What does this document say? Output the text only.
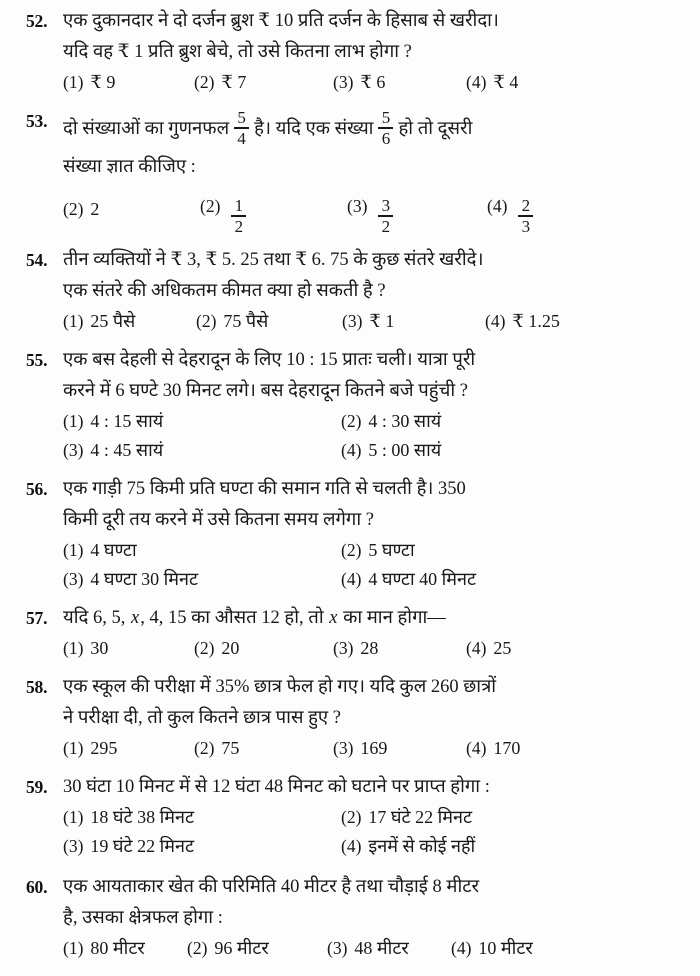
52. एक दुकानदार ने दो दर्जन ब्रुश ₹ 10 प्रति दर्जन के हिसाब से खरीदा।
यदि वह ₹ 1 प्रति ब्रुश बेचे, तो उसे कितना लाभ होगा ?
(1) ₹ 9	(2) ₹ 7	(3) ₹ 6	(4) ₹ 4
53. दो संख्याओं का गुणनफल $\frac{5}{4}$ है। यदि एक संख्या $\frac{5}{6}$ हो तो दूसरी
संख्या ज्ञात कीजिए :
(2) 2	$(2) \frac{1}{2}$	$(3) \frac{3}{2}$	$(4) \frac{2}{3}$
54. तीन व्यक्तियों ने ₹ 3, ₹ 5. 25 तथा ₹ 6. 75 के कुछ संतरे खरीदे।
एक संतरे की अधिकतम कीमत क्या हो सकती है ?
(1) 25 पैसे	(2) 75 पैसे	(3) ₹ 1	(4) ₹ 1.25
55. एक बस देहली से देहरादून के लिए 10 : 15 प्रातः चली। यात्रा पूरी
करने में 6 घण्टे 30 मिनट लगे। बस देहरादून कितने बजे पहुंची ?
(1) 4 : 15 सायं	(2) 4 : 30 सायं
(3) 4 : 45 सायं	(4) 5 : 00 सायं
56. एक गाड़ी 75 किमी प्रति घण्टा की समान गति से चलती है। 350
किमी दूरी तय करने में उसे कितना समय लगेगा ?
(1) 4 घण्टा	(2) 5 घण्टा
(3) 4 घण्टा 30 मिनट	(4) 4 घण्टा 40 मिनट
57. यदि 6, 5, x, 4, 15 का औसत 12 हो, तो x का मान होगा—
(1) 30	(2) 20	(3) 28	(4) 25
58. एक स्कूल की परीक्षा में 35% छात्र फेल हो गए। यदि कुल 260 छात्रों
ने परीक्षा दी, तो कुल कितने छात्र पास हुए ?
(1) 295	(2) 75	(3) 169	(4) 170
59. 30 घंटा 10 मिनट में से 12 घंटा 48 मिनट को घटाने पर प्राप्त होगा :
(1) 18 घंटे 38 मिनट	(2) 17 घंटे 22 मिनट
(3) 19 घंटे 22 मिनट	(4) इनमें से कोई नहीं
60. एक आयताकार खेत की परिमिति 40 मीटर है तथा चौड़ाई 8 मीटर
है, उसका क्षेत्रफल होगा :
(1) 80 मीटर (2) 96 मीटर	(3) 48 मीटर (4) 10 मीटर
